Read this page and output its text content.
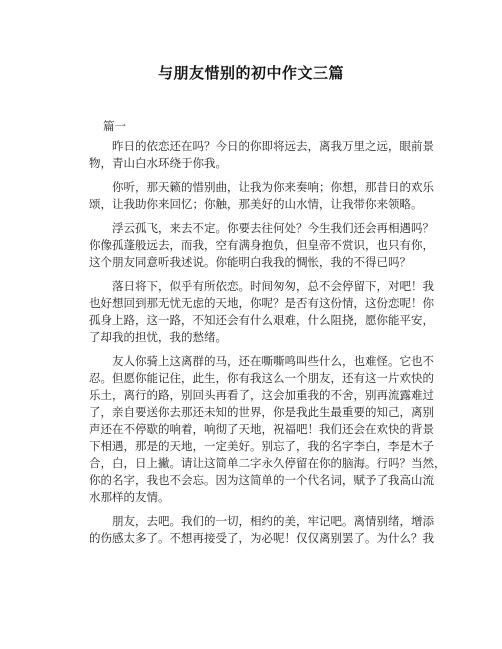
与朋友惜别的初中作文三篇
篇一
　　昨日的依恋还在吗？今日的你即将远去，离我万里之远，眼前景
物，青山白水环绕于你我。
　　你听，那天籁的惜别曲，让我为你来奏响；你想，那昔日的欢乐
颂，让我助你来回忆；你触，那美好的山水情，让我带你来领略。
　　浮云孤飞，来去不定。你要去往何处？今生我们还会再相遇吗？
你像孤蓬般远去，而我，空有满身抱负，但皇帝不赏识，也只有你，
这个朋友同意听我述说。你能明白我我的惆怅，我的不得已吗？
　　落日将下，似乎有所依恋。时间匆匆，总不会停留下，对吧！我
也好想回到那无忧无虑的天地，你呢？是否有这份情，这份恋呢！你
孤身上路，这一路，不知还会有什么艰难，什么阻挠，愿你能平安，
了却我的担忧，我的愁绪。
　　友人你骑上这离群的马，还在嘶嘶鸣叫些什么，也难怪。它也不
忍。但愿你能记住，此生，你有我这么一个朋友，还有这一片欢快的
乐土，离行的路，别回头再看了，这会加重我的不舍，别再流露难过
了，亲自要送你去那还未知的世界，你是我此生最重要的知己，离别
声还在不停歇的响着，响彻了天地，祝福吧！我们还会在欢快的背景
下相遇，那是的天地，一定美好。别忘了，我的名字李白，李是木子
合，白，日上撇。请让这简单二字永久停留在你的脑海。行吗？当然，
你的名字，我也不会忘。因为这简单的一个代名词，赋予了我高山流
水那样的友情。
　　朋友，去吧。我们的一切，相约的美，牢记吧。离情别绪，增添
的伤感太多了。不想再接受了，为必呢！仅仅离别罢了。为什么？我
